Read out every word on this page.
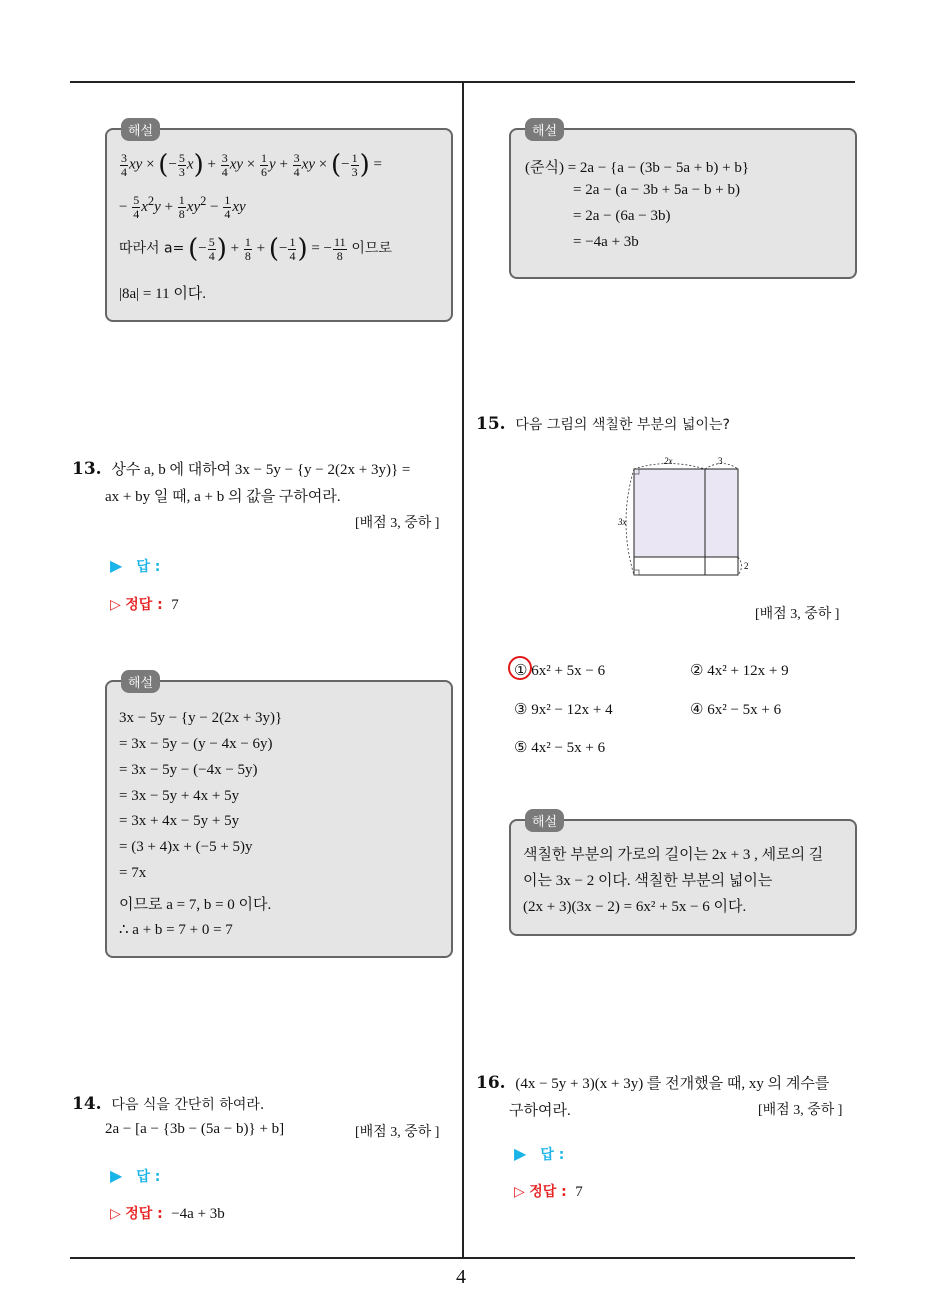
4
해설
$\frac{3}{4}$ xy × (− $\frac{5}{3} x) + \frac{3}{4}$ xy × $\frac{1}{6}$ $y + \frac{3}{4}$ xy × (− $\frac{1}{3}$ ) =
− $\frac{5}{4} x^2y + \frac{1}{8} xy^2 - \frac{1}{4}$ xy
따라서 a= (− $\frac{5}{4}$ ) + $\frac{1}{8}$ + (− $\frac{1}{4}$ ) = − $\frac{11}{8}$ 이므로
|8a| = 11 이다.
13. 상수 a, b 에 대하여 3x − 5y − {y − 2(2x + 3y)} =
ax + by 일 때, a + b 의 값을 구하여라.
[배점 3, 중하 ]
▶ 답 :
▷ 정답 : 7
해설
3x − 5y − {y − 2(2x + 3y)}
= 3x − 5y − (y − 4x − 6y)
= 3x − 5y − (−4x − 5y)
= 3x − 5y + 4x + 5y
= 3x + 4x − 5y + 5y
= (3 + 4)x + (−5 + 5)y
= 7x
이므로 a = 7, b = 0 이다.
∴ a + b = 7 + 0 = 7
14. 다음 식을 간단히 하여라.
2a − [a − {3b − (5a − b)} + b]	[배점 3, 중하 ]
▶ 답 :
▷ 정답 : −4a + 3b
해설
(준식) = 2a − {a − (3b − 5a + b) + b}
= 2a − (a − 3b + 5a − b + b)
= 2a − (6a − 3b)
= −4a + 3b
15. 다음 그림의 색칠한 부분의 넓이는?
2x	3
3x
2
[배점 3, 중하 ]
① 6x² + 5x − 6	② 4x² + 12x + 9
③ 9x² − 12x + 4	④ 6x² − 5x + 6
⑤ 4x² − 5x + 6
해설
색칠한 부분의 가로의 길이는 2x + 3 , 세로의 길
이는 3x − 2 이다. 색칠한 부분의 넓이는
(2x + 3)(3x − 2) = 6x² + 5x − 6 이다.
16. (4x − 5y + 3)(x + 3y) 를 전개했을 때, xy 의 계수를
구하여라.	[배점 3, 중하 ]
▶ 답 :
▷ 정답 : 7
